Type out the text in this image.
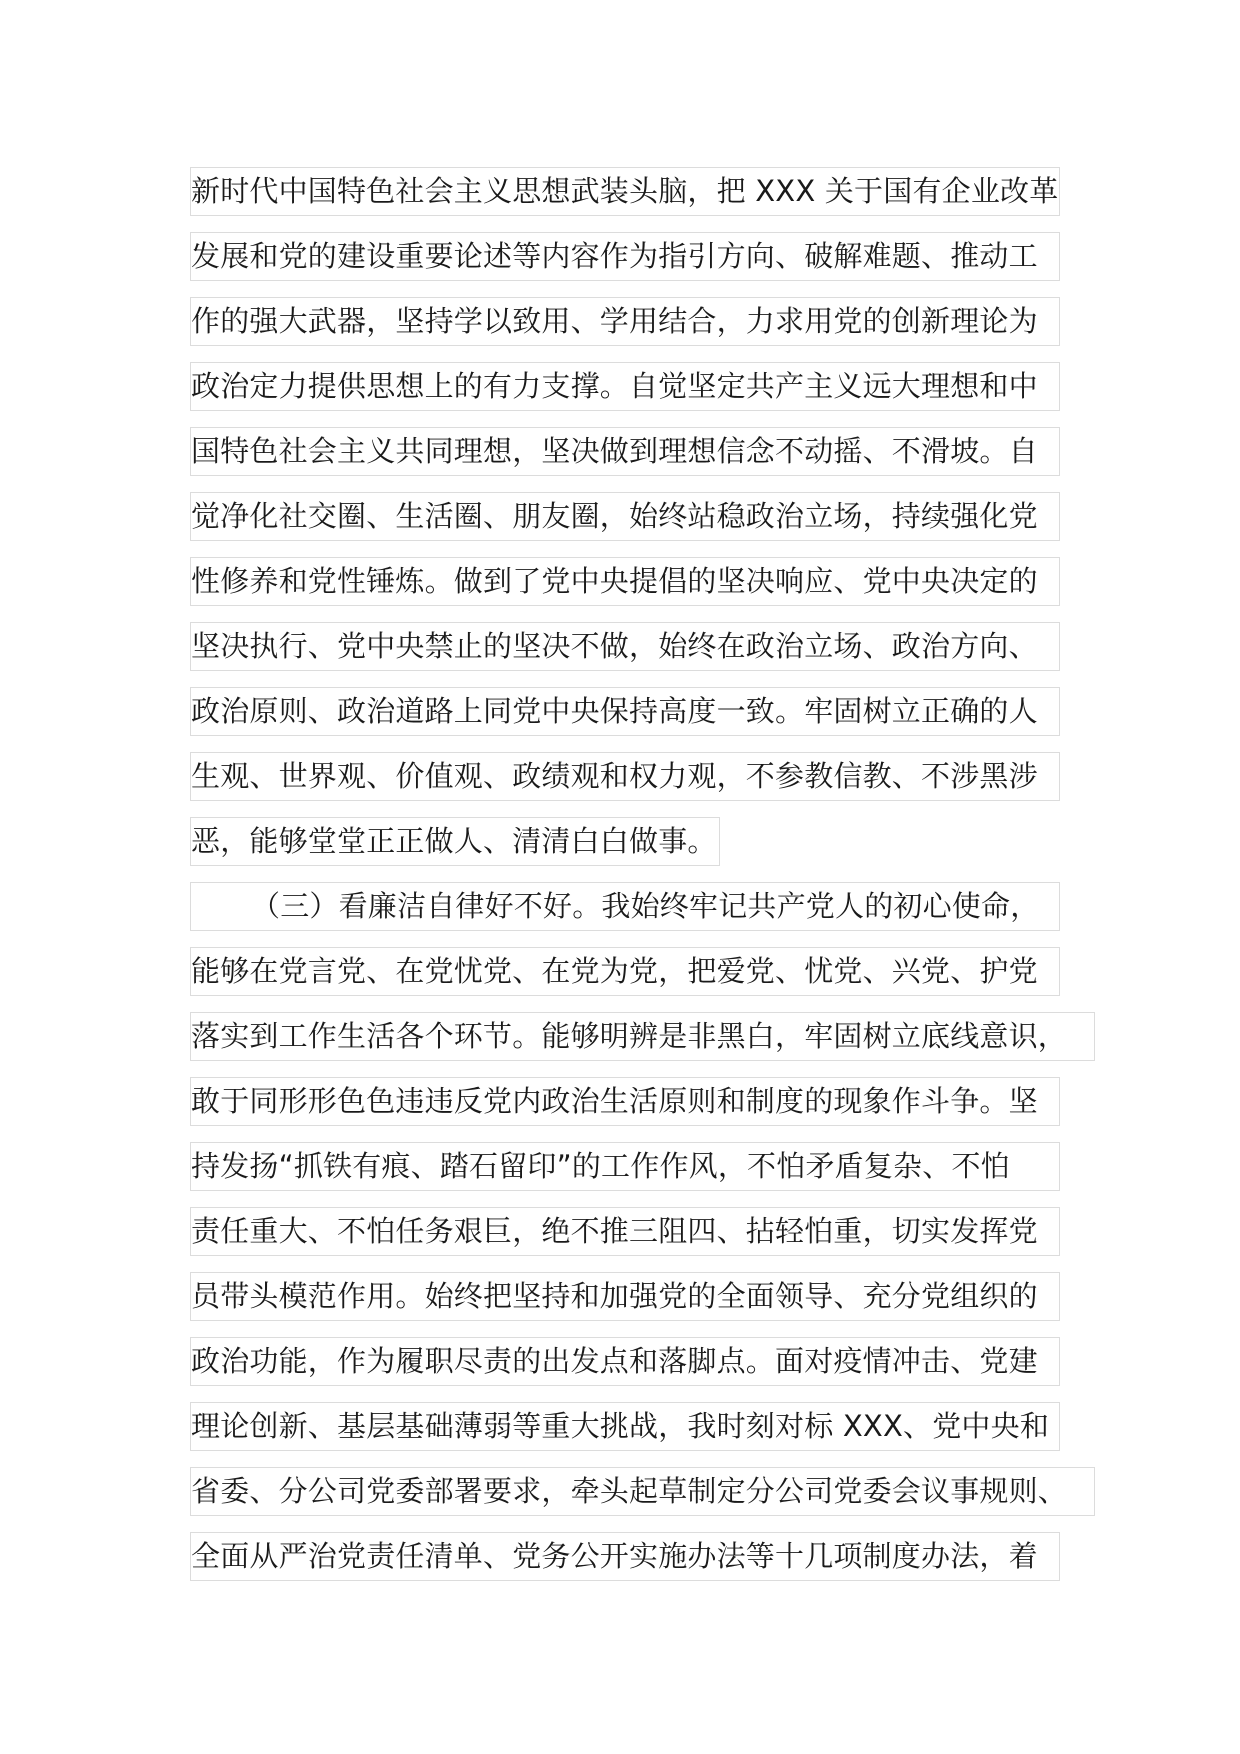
新时代中国特色社会主义思想武装头脑，把 XXX 关于国有企业改革
发展和党的建设重要论述等内容作为指引方向、破解难题、推动工
作的强大武器，坚持学以致用、学用结合，力求用党的创新理论为
政治定力提供思想上的有力支撑。自觉坚定共产主义远大理想和中
国特色社会主义共同理想，坚决做到理想信念不动摇、不滑坡。自
觉净化社交圈、生活圈、朋友圈，始终站稳政治立场，持续强化党
性修养和党性锤炼。做到了党中央提倡的坚决响应、党中央决定的
坚决执行、党中央禁止的坚决不做，始终在政治立场、政治方向、
政治原则、政治道路上同党中央保持高度一致。牢固树立正确的人
生观、世界观、价值观、政绩观和权力观，不参教信教、不涉黑涉
恶，能够堂堂正正做人、清清白白做事。
（三）看廉洁自律好不好。我始终牢记共产党人的初心使命，
能够在党言党、在党忧党、在党为党，把爱党、忧党、兴党、护党
落实到工作生活各个环节。能够明辨是非黑白，牢固树立底线意识，
敢于同形形色色违违反党内政治生活原则和制度的现象作斗争。坚
持发扬“抓铁有痕、踏石留印”的工作作风，不怕矛盾复杂、不怕
责任重大、不怕任务艰巨，绝不推三阻四、拈轻怕重，切实发挥党
员带头模范作用。始终把坚持和加强党的全面领导、充分党组织的
政治功能，作为履职尽责的出发点和落脚点。面对疫情冲击、党建
理论创新、基层基础薄弱等重大挑战，我时刻对标 XXX、党中央和
省委、分公司党委部署要求，牵头起草制定分公司党委会议事规则、
全面从严治党责任清单、党务公开实施办法等十几项制度办法，着
